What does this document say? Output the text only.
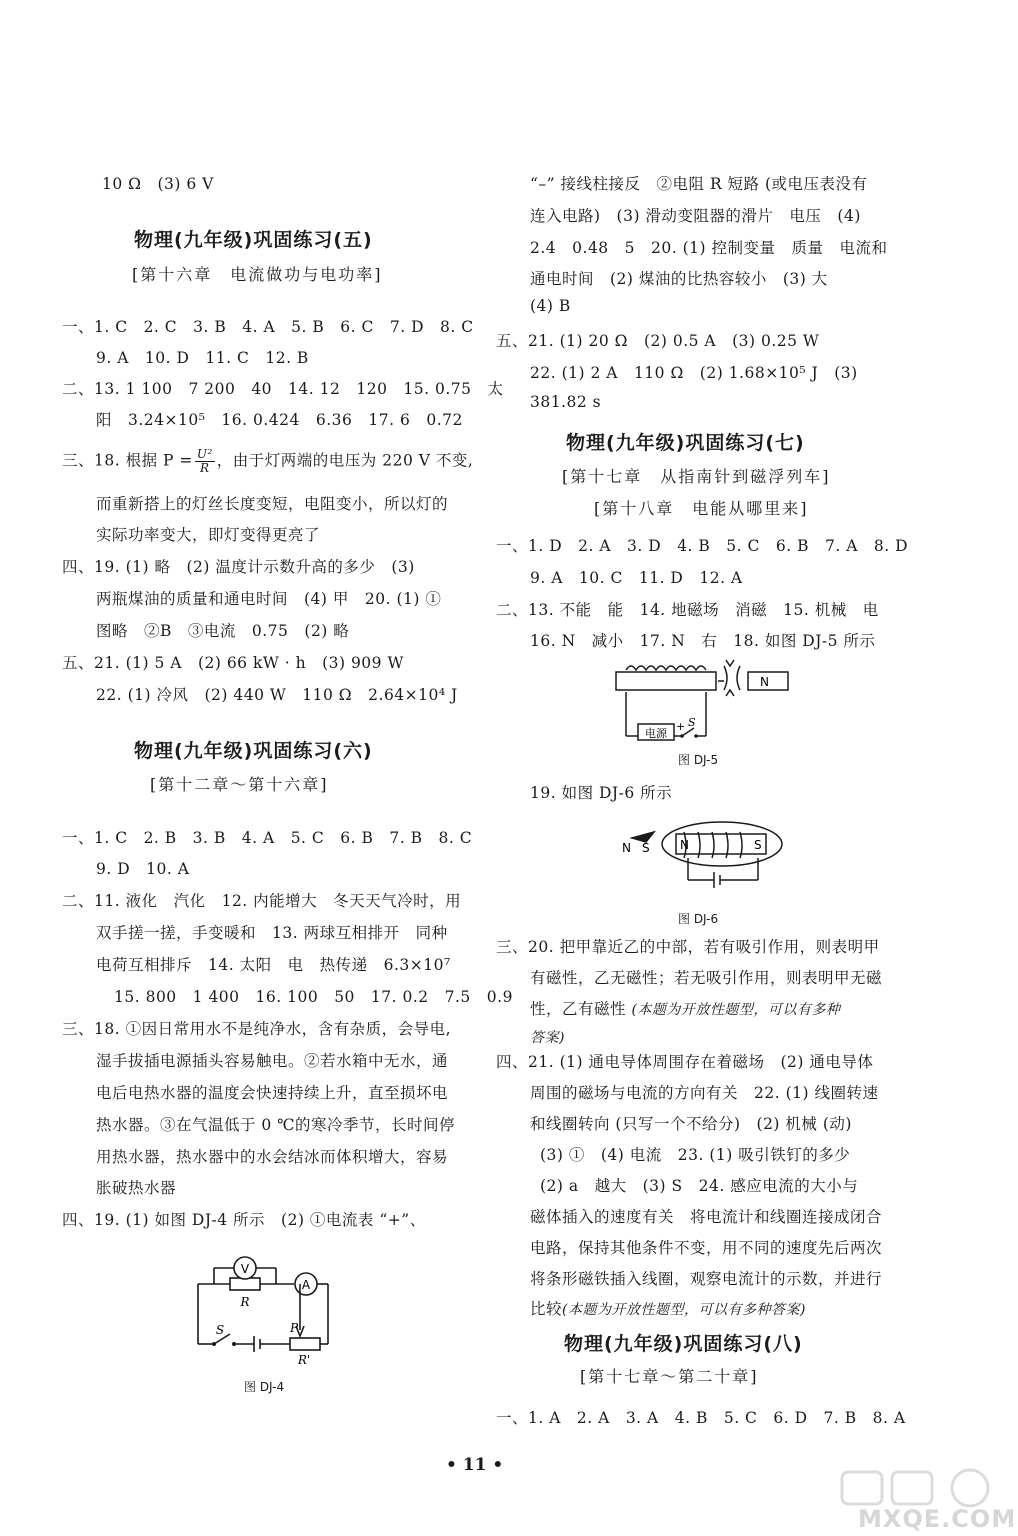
10 Ω　(3) 6 V
物理(九年级)巩固练习(五)
[第十六章　电流做功与电功率]
一、1. C　2. C　3. B　4. A　5. B　6. C　7. D　8. C
9. A　10. D　11. C　12. B
二、13. 1 100　7 200　40　14. 12　120　15. 0.75　太
阳　3.24×10⁵　16. 0.424　6.36　17. 6　0.72
三、18. 根据 $P = \frac{\text{U²}}{R}$ ，由于灯两端的电压为 220 V 不变,
而重新搭上的灯丝长度变短，电阻变小，所以灯的
实际功率变大，即灯变得更亮了
四、19. (1) 略　(2) 温度计示数升高的多少　(3)
两瓶煤油的质量和通电时间　(4) 甲　20. (1) ①
图略　②B　③电流　0.75　(2) 略
五、21. (1) 5 A　(2) 66 kW · h　(3) 909 W
22. (1) 冷风　(2) 440 W　110 Ω　2.64×10⁴ J
物理(九年级)巩固练习(六)
[第十二章～第十六章]
一、1. C　2. B　3. B　4. A　5. C　6. B　7. B　8. C
9. D　10. A
二、11. 液化　汽化　12. 内能增大　冬天天气冷时，用
双手搓一搓，手变暖和　13. 两球互相排开　同种
电荷互相排斥　14. 太阳　电　热传递　6.3×10⁷
15. 800　1 400　16. 100　50　17. 0.2　7.5　0.9
三、18. ①因日常用水不是纯净水，含有杂质，会导电,
湿手拔插电源插头容易触电。②若水箱中无水，通
电后电热水器的温度会快速持续上升，直至损坏电
热水器。③在气温低于 0 ℃的寒冷季节，长时间停
用热水器，热水器中的水会结冰而体积增大，容易
胀破热水器
四、19. (1) 如图 DJ-4 所示　(2) ①电流表 “+”、
V
A
R
S	P
R'
图 DJ-4
“–” 接线柱接反　②电阻 R 短路 (或电压表没有
连入电路)　(3) 滑动变阻器的滑片　电压　(4)
2.4　0.48　5　20. (1) 控制变量　质量　电流和
通电时间　(2) 煤油的比热容较小　(3) 大
(4) B
五、21. (1) 20 Ω　(2) 0.5 A　(3) 0.25 W
22. (1) 2 A　110 Ω　(2) 1.68×10⁵ J　(3)
381.82 s
物理(九年级)巩固练习(七)
[第十七章　从指南针到磁浮列车]
[第十八章　电能从哪里来]
一、1. D　2. A　3. D　4. B　5. C　6. B　7. A　8. D
9. A　10. C　11. D　12. A
二、13. 不能　能　14. 地磁场　消磁　15. 机械　电
16. N　减小　17. N　右　18. 如图 DJ-5 所示
N
电源
+ S
图 DJ-5
19. 如图 DJ-6 所示
N S	N	S
图 DJ-6
三、20. 把甲靠近乙的中部，若有吸引作用，则表明甲
有磁性，乙无磁性；若无吸引作用，则表明甲无磁
性，乙有磁性 (本题为开放性题型，可以有多种
答案)
四、21. (1) 通电导体周围存在着磁场　(2) 通电导体
周围的磁场与电流的方向有关　22. (1) 线圈转速
和线圈转向 (只写一个不给分)　(2) 机械 (动)
(3) ①　(4) 电流　23. (1) 吸引铁钉的多少
(2) a　越大　(3) S　24. 感应电流的大小与
磁体插入的速度有关　将电流计和线圈连接成闭合
电路，保持其他条件不变，用不同的速度先后两次
将条形磁铁插入线圈，观察电流计的示数，并进行
比较(本题为开放性题型，可以有多种答案)
物理(九年级)巩固练习(八)
[第十七章～第二十章]
一、1. A　2. A　3. A　4. B　5. C　6. D　7. B　8. A
• 11 •
MXQE.COM
